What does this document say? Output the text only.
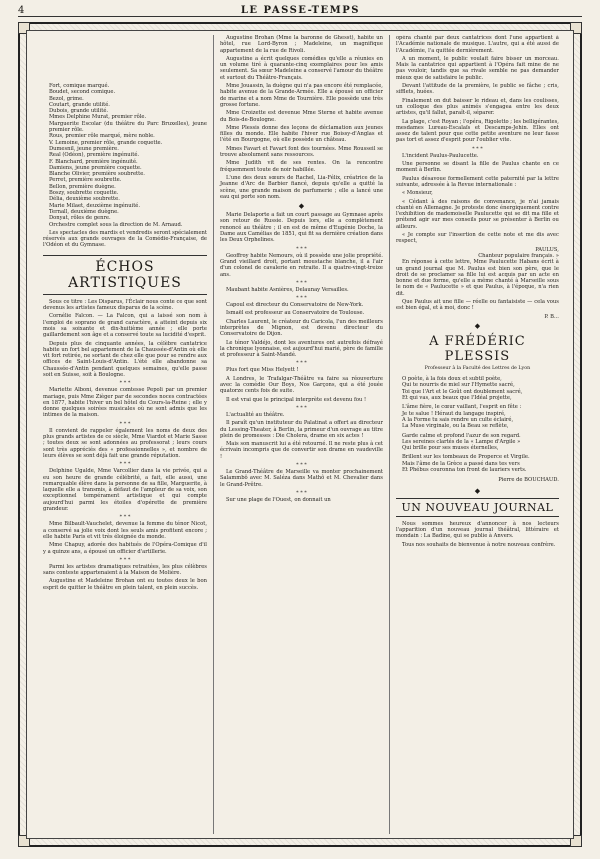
4	LE PASSE-TEMPS

Fort, comique marqué.

Boudet, second comique.

Bezol, grime.

Coutart, grande utilité.

Dubois, grande utilité.

Mmes Delphine Murat, premier rôle.

Marguerite Escolar (du théâtre du Parc Bruxelles), jeune premier rôle.

Rous, premier rôle marqué, mère noble.

V. Lemoine, premier rôle, grande coquette.

Dumesnil, jeune première.

Real (Odéon), première ingénuité.

F. Blanchard, première ingénuité.

Damiens, jeune première coquette.

Blanche Olivier, première soubrette.

Perret, première soubrette.

Bellon, première duègne.

Boszy, soubrette coquette.

Délia, deuxième soubrette.

Marie Milaet, deuxième ingénuité.

Ternall, deuxième duègne.

Donyat, rôles de genre.

Orchestre complet sous la direction de M. Arnaud.

Les spectacles des mardis et vendredis seront spécialement réservés aux grands ouvrages de la Comédie-Française, de l'Odéon et du Gymnase.

ÉCHOS ARTISTIQUES

Sous ce titre : Les Disparus, l'Éclair nous conte ce que sont devenus les artistes fameux disparus de la scène.

Cornélie Falcon. — La Falcon, qui a laissé son nom à l'emploi de soprano de grand caractère, a atteint depuis six mois sa soixante et dix-huitième année ; elle porte gaillardement son âge et a conservé toute sa lucidité d'esprit.

Depuis plus de cinquante années, la célèbre cantatrice habite un fort bel appartement de la Chaussée-d'Antin où elle vit fort retirée, ne sortant de chez elle que pour se rendre aux offices de Saint-Louis-d'Antin. L'été elle abandonne sa Chaussée-d'Antin pendant quelques semaines, qu'elle passe soit en Suisse, soit à Boulogne.

* * *

Mariette Alboni, devenue comtesse Pepoli par un premier mariage, puis Mme Zièger par de secondes noces contractées en 1877, habite l'hiver un bel hôtel du Cours-la-Reine ; elle y donne quelques soirées musicales où ne sont admis que les intimes de la maison.

* * *

Il convient de rappeler également les noms de deux des plus grands artistes de ce siècle, Mme Viardot et Marie Sasse ; toutes deux se sont adonnées au professorat ; leurs cours sont très appréciés des « professionnelles », et nombre de leurs élèves se sont déjà fait une grande réputation.

* * *

Delphine Ugalde, Mme Varcollier dans la vie privée, qui a eu son heure de grande célébrité, a fait, elle aussi, une remarquable élève dans la personne de sa fille, Marguerite, à laquelle elle a transmis, à défaut de l'ampleur de sa voix, son exceptionnel tempérament artistique et qui compte aujourd'hui parmi les étoiles d'opérette de première grandeur.

* * *

Mme Bilbault-Vauchelet, devenue la femme du ténor Nicot, a conservé sa jolie voix dont les seuls amis profitent encore ; elle habite Paris et vit très éloignée du monde.

Mme Chapuy, adorée des habitués de l'Opéra-Comique d'il y a quinze ans, a épousé un officier d'artillerie.

* * *

Parmi les artistes dramatiques retraitées, les plus célèbres sans conteste appartenaient à la Maison de Molière.

Augustine et Madeleine Brohan ont eu toutes deux le bon esprit de quitter le théâtre en plein talent, en plein succès.

Augustine Brohan (Mme la baronne de Ghesst), habite un hôtel, rue Lord-Byron ; Madeleine, un magnifique appartement de la rue de Rivoli.

Augustine a écrit quelques comédies qu'elle a réunies en un volume tiré à quarante-cinq exemplaires pour les amis seulement. Sa sœur Madeleine a conservé l'amour du théâtre et surtout du Théâtre-Français.

Mme Jouassin, la duègne qui n'a pas encore été remplacée, habite avenue de la Grande-Armée. Elle a épousé un officier de marine et a nom Mme de Tournière. Elle possède une très grosse fortune.

Mme Croizette est devenue Mme Sterne et habite avenue du Bois-de-Boulogne.

Mme Plessis donne des leçons de déclamation aux jeunes filles du monde. Elle habite l'hiver rue Boissy-d'Anglas et l'été en Bourgogne, où elle possède un château.

Mmes Favart et Favart font des tournées. Mme Rousseil se trouve absolument sans ressources.

Mme Judith vit de ses rentes. On la rencontre fréquemment toute de noir habillée.

L'une des deux sœurs de Rachel, Lia-Félix, créatrice de la Jeanne d'Arc de Barbier fiancé, depuis qu'elle a quitté la scène, une grande maison de parfumerie ; elle a lancé une eau qui porte son nom.

◆

Marie Delaporte a fait un court passage au Gymnase après son retour de Russie. Depuis lors, elle a complètement renoncé au théâtre ; il en est de même d'Eugénie Doche, la Dame aux Camélias de 1851, qui fit sa dernière création dans les Deux Orphelines.

* * *

Geoffroy habite Nemours, où il possède une jolie propriété. Grand vieillard droit, portant moustache blanche, il a l'air d'un colonel de cavalerie en retraite. Il a quatre-vingt-treize ans.

* * *

Maubant habite Asnières, Delaunay Versailles.

* * *

Capoul est directeur du Conservatoire de New-York.

Ismaël est professeur au Conservatoire de Toulouse.

Charles Laurent, le créateur du Caricola, l'un des meilleurs interprètes de Mignon, est devenu directeur du Conservatoire de Dijon.

Le ténor Valdéjo, dont les aventures ont autrefois défrayé la chronique lyonnaise, est aujourd'hui marié, père de famille et professeur à Saint-Mandé.

* * *

Plus fort que Miss Helyett !

A Londres, le Trafalgar-Théâtre va faire sa réouverture avec la comédie Our Boys, Nos Garçons, qui a été jouée quatorze cents fois de suite.

Il est vrai que le principal interprète est devenu fou !

* * *

L'actualité au théâtre.

Il paraît qu'un instituteur du Palatinat a offert au directeur du Lessing-Theater, à Berlin, la primeur d'un ouvrage au titre plein de promesses : Die Cholera, drame en six actes !

Mais son manuscrit lui a été retourné. Il ne reste plus à cet écrivain incompris que de convertir son drame en vaudeville !

* * *

Le Grand-Théâtre de Marseille va monter prochainement Salammbô avec M. Saléza dans Mathô et M. Chevalier dans le Grand-Prêtre.

* * *

Sur une plage de l'Ouest, on donnait un

opéra chanté par deux cantatrices dont l'une appartient à l'Académie nationale de musique. L'autre, qui a été aussi de l'Académie, l'a quittée dernièrement.

A un moment, le public voulait faire bisser un morceau. Mais la cantatrice qui appartient à l'Opéra fait mine de ne pas vouloir, tandis que sa rivale semble ne pas demander mieux que de satisfaire le public.

Devant l'attitude de la première, le public se fâche ; cris, sifflets, huées.

Finalement on dut baisser le rideau et, dans les coulisses, un colloque des plus animés s'engagea entre les deux artistes, qu'il fallut, paraît-il, séparer.

La plage, c'est Royan ; l'opéra, Rigoletto ; les belligérantes, mesdames Lureau-Escalaïs et Descamps-Jehin. Elles ont assez de talent pour que cette petite aventure ne leur fasse pas tort et assez d'esprit pour l'oublier vite.

* * *

L'incident Paulus-Paulucette.

Une personne se disant la fille de Paulus chante en ce moment à Berlin.

Paulus désavoue formellement cette paternité par la lettre suivante, adressée à la Revue internationale :

« Monsieur,

« Cédant à des raisons de convenance, je n'ai jamais chanté en Allemagne. Je proteste donc énergiquement contre l'exhibition de mademoiselle Paulucette qui se dit ma fille et prétend agir sur mes conseils pour se présenter à Berlin ou ailleurs.

« Je compte sur l'insertion de cette note et me dis avec respect,

PAULUS,
Chanteur populaire français. »

En réponse à cette lettre, Mme Paulucette Habans écrit à un grand journal que M. Paulus est bien son père, que le droit de se proclamer sa fille lui est acquis par un acte en bonne et due forme, qu'elle a même chanté à Marseille sous le nom de « Paulucette » et que Paulus, à l'époque, n'a rien dit.

Que Paulus ait une fille — réelle ou fantaisiste — cela vous est bien égal, et à moi, donc !

P. B...
◆
A FRÉDÉRIC PLESSIS
Professeur à la Faculté des Lettres de Lyon

O poète, à la fois doux et subtil poète,

Qui te nourris de miel sur l'Hymette sacré,

Toi que l'Art et le Goût ont doublement sacré,

Et qui vas, aux beaux que l'Idéal projette,

L'âme fière, le cœur vaillant, l'esprit en fête :

Je te salue ! Héraut du langage inspiré,

A la Forme tu sais rendre un culte éclairé,

La Muse virginale, ou la Beau se reflète,

Garde calme et profond l'azur de son regard.

Les sereines clartés de la « Lampe d'Argile »

Qui brille pour ses muses éternelles,

Brillent sur les tombeaux de Properce et Virgile.

Mais l'âme de la Grèce a passé dans tes vers

Et Phébus couronna ton front de lauriers verts.

Pierre de BOUCHAUD.
◆
UN NOUVEAU JOURNAL

Nous sommes heureux d'annoncer à nos lecteurs l'apparition d'un nouveau journal théâtral, littéraire et mondain : La Badine, qui se publie à Anvers.

Tous nos souhaits de bienvenue à notre nouveau confrère.
